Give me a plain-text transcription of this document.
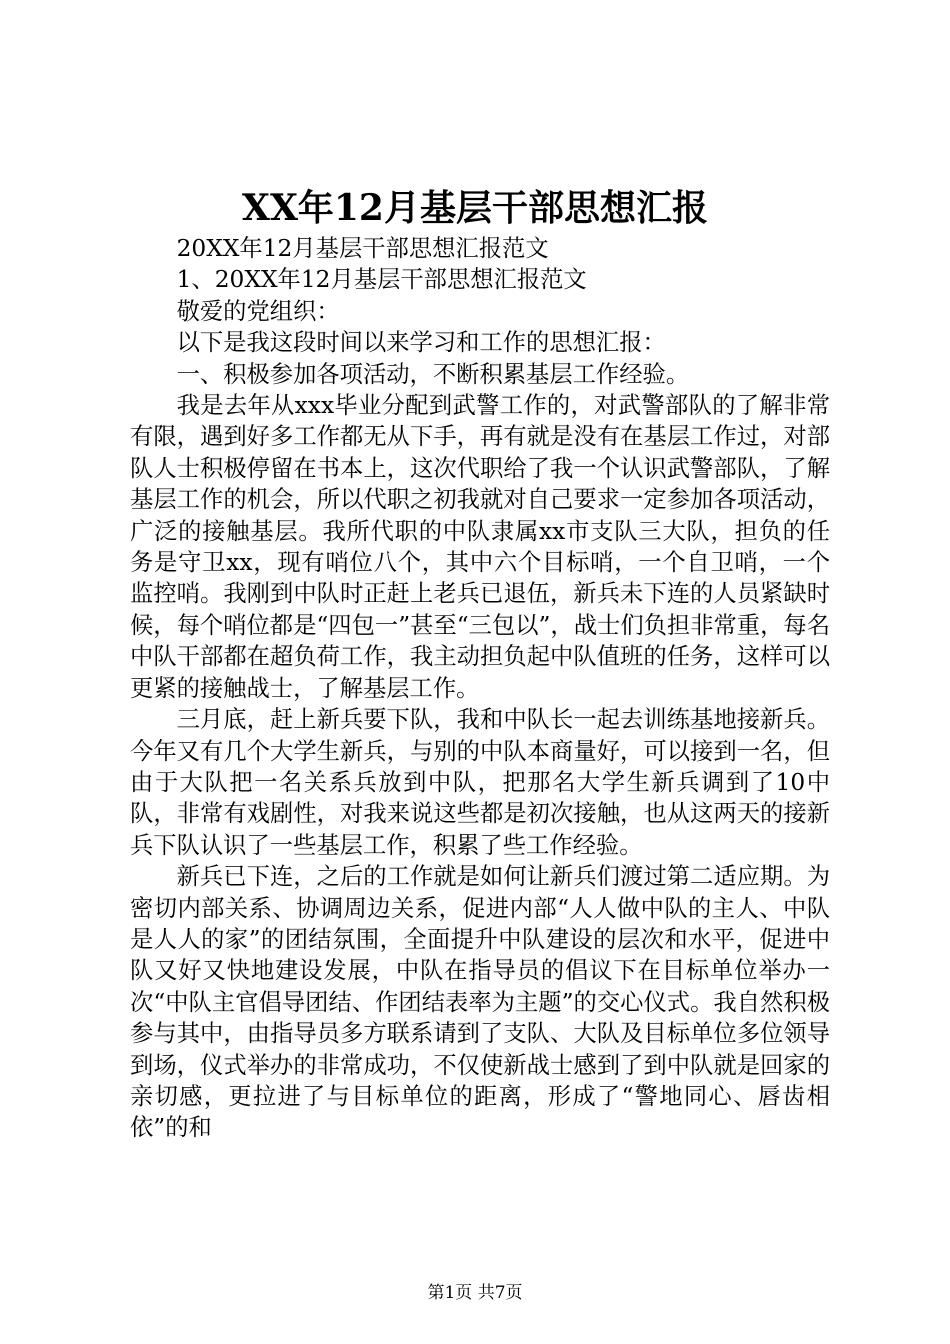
XX年12月基层干部思想汇报

20XX年12月基层干部思想汇报范文

1、20XX年12月基层干部思想汇报范文

敬爱的党组织：

以下是我这段时间以来学习和工作的思想汇报：

一、积极参加各项活动，不断积累基层工作经验。

我是去年从xxx毕业分配到武警工作的，对武警部队的了解非常有限，遇到好多工作都无从下手，再有就是没有在基层工作过，对部队人士积极停留在书本上，这次代职给了我一个认识武警部队，了解基层工作的机会，所以代职之初我就对自己要求一定参加各项活动，广泛的接触基层。我所代职的中队隶属xx市支队三大队，担负的任务是守卫xx，现有哨位八个，其中六个目标哨，一个自卫哨，一个监控哨。我刚到中队时正赶上老兵已退伍，新兵未下连的人员紧缺时候，每个哨位都是“四包一”甚至“三包以”，战士们负担非常重，每名中队干部都在超负荷工作，我主动担负起中队值班的任务，这样可以更紧的接触战士，了解基层工作。

三月底，赶上新兵要下队，我和中队长一起去训练基地接新兵。今年又有几个大学生新兵，与别的中队本商量好，可以接到一名，但由于大队把一名关系兵放到中队，把那名大学生新兵调到了10中队，非常有戏剧性，对我来说这些都是初次接触，也从这两天的接新兵下队认识了一些基层工作，积累了些工作经验。

新兵已下连，之后的工作就是如何让新兵们渡过第二适应期。为密切内部关系、协调周边关系，促进内部“人人做中队的主人、中队是人人的家”的团结氛围，全面提升中队建设的层次和水平，促进中队又好又快地建设发展，中队在指导员的倡议下在目标单位举办一次“中队主官倡导团结、作团结表率为主题”的交心仪式。我自然积极参与其中，由指导员多方联系请到了支队、大队及目标单位多位领导到场，仪式举办的非常成功，不仅使新战士感到了到中队就是回家的亲切感，更拉进了与目标单位的距离，形成了“警地同心、唇齿相依”的和

第1页 共7页
